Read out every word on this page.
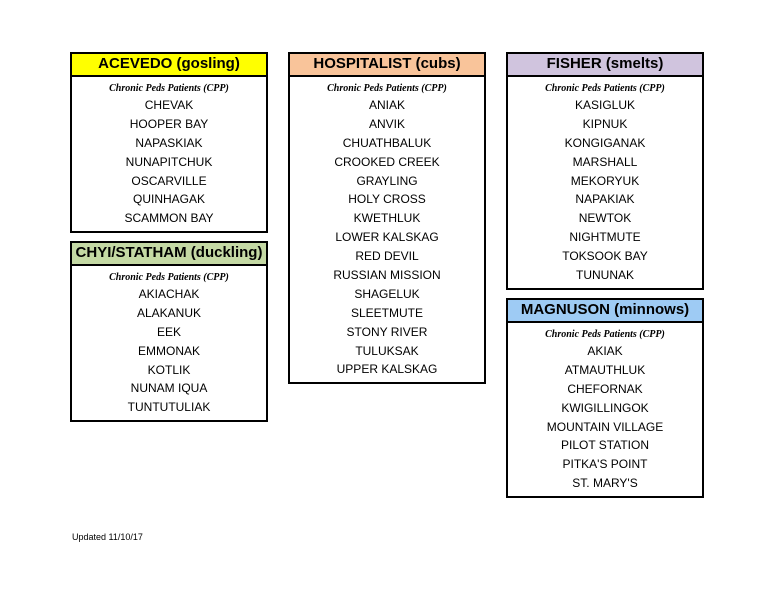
ACEVEDO (gosling)
Chronic Peds Patients (CPP)
CHEVAK
HOOPER BAY
NAPASKIAK
NUNAPITCHUK
OSCARVILLE
QUINHAGAK
SCAMMON BAY
CHYI/STATHAM (duckling)
Chronic Peds Patients (CPP)
AKIACHAK
ALAKANUK
EEK
EMMONAK
KOTLIK
NUNAM IQUA
TUNTUTULIAK
HOSPITALIST (cubs)
Chronic Peds Patients (CPP)
ANIAK
ANVIK
CHUATHBALUK
CROOKED CREEK
GRAYLING
HOLY CROSS
KWETHLUK
LOWER KALSKAG
RED DEVIL
RUSSIAN MISSION
SHAGELUK
SLEETMUTE
STONY RIVER
TULUKSAK
UPPER KALSKAG
FISHER (smelts)
Chronic Peds Patients (CPP)
KASIGLUK
KIPNUK
KONGIGANAK
MARSHALL
MEKORYUK
NAPAKIAK
NEWTOK
NIGHTMUTE
TOKSOOK BAY
TUNUNAK
MAGNUSON (minnows)
Chronic Peds Patients (CPP)
AKIAK
ATMAUTHLUK
CHEFORNAK
KWIGILLINGOK
MOUNTAIN VILLAGE
PILOT STATION
PITKA'S POINT
ST. MARY'S
Updated 11/10/17
